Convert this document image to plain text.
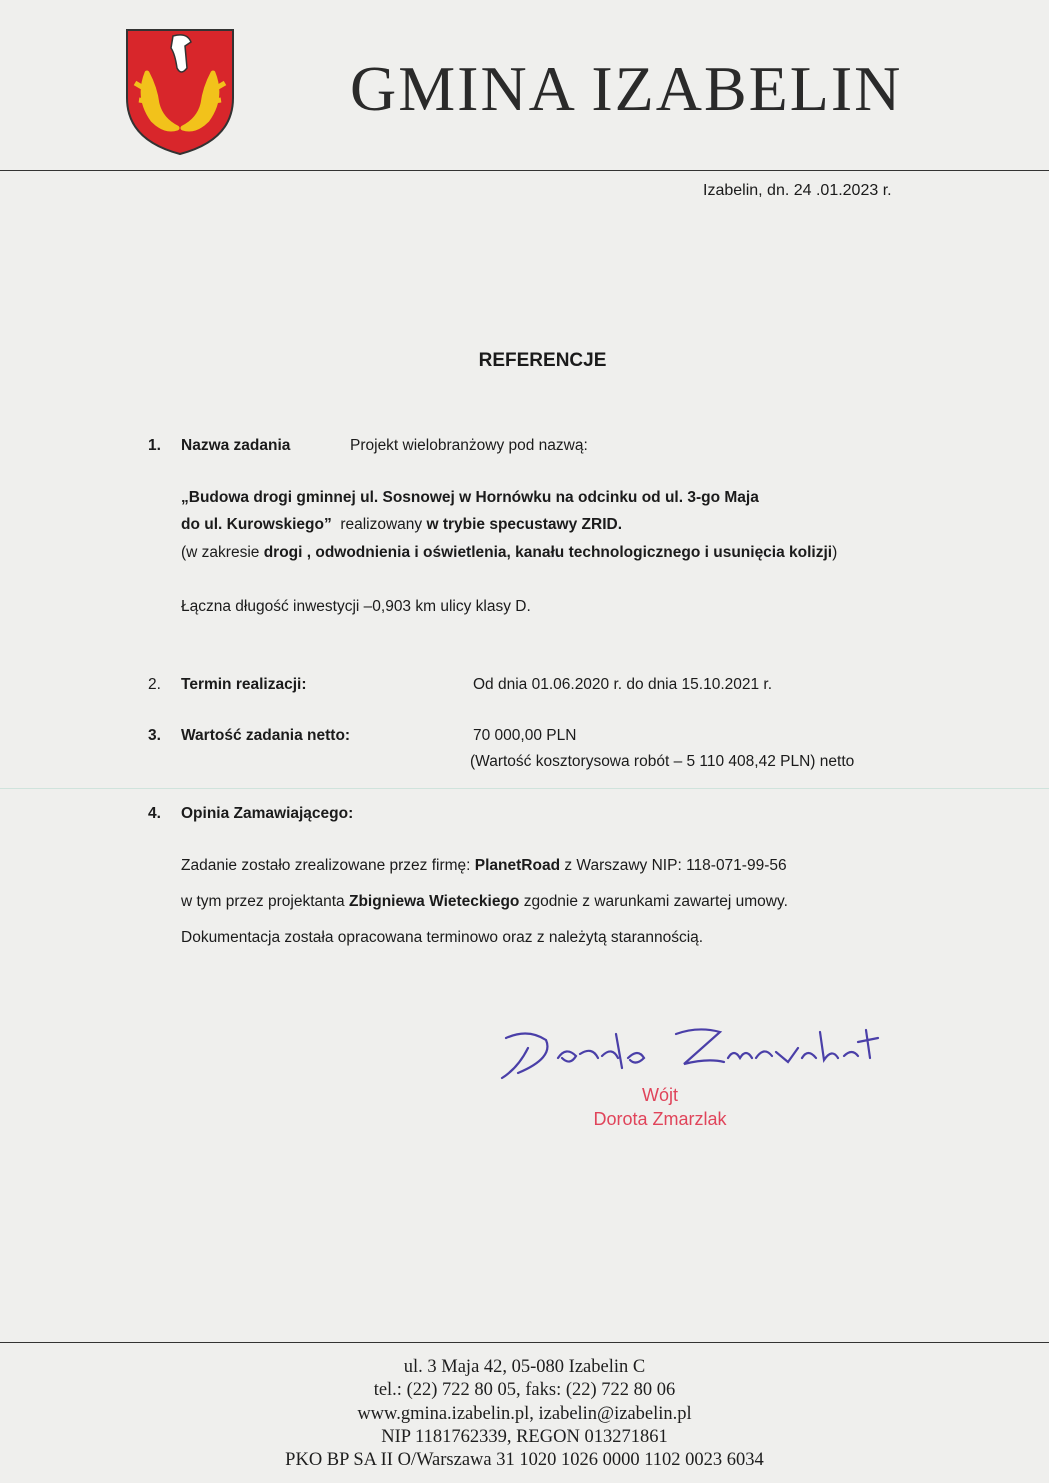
GMINA IZABELIN
Izabelin, dn. 24 .01.2023 r.
REFERENCJE
1. Nazwa zadania	Projekt wielobranżowy pod nazwą:
„Budowa drogi gminnej ul. Sosnowej w Hornówku na odcinku od ul. 3-go Maja
do ul. Kurowskiego”  realizowany w trybie specustawy ZRID.
(w zakresie drogi , odwodnienia i oświetlenia, kanału technologicznego i usunięcia kolizji)
Łączna długość inwestycji –0,903 km ulicy klasy D.
2. Termin realizacji:	Od dnia 01.06.2020 r. do dnia 15.10.2021 r.
3. Wartość zadania netto:	70 000,00 PLN
(Wartość kosztorysowa robót – 5 110 408,42 PLN) netto
4. Opinia Zamawiającego:
Zadanie zostało zrealizowane przez firmę: PlanetRoad z Warszawy NIP: 118-071-99-56
w tym przez projektanta Zbigniewa Wieteckiego zgodnie z warunkami zawartej umowy.
Dokumentacja została opracowana terminowo oraz z należytą starannością.
Wójt
Dorota Zmarzlak
ul. 3 Maja 42, 05-080 Izabelin C
tel.: (22) 722 80 05, faks: (22) 722 80 06
www.gmina.izabelin.pl, izabelin@izabelin.pl
NIP 1181762339, REGON 013271861
PKO BP SA II O/Warszawa 31 1020 1026 0000 1102 0023 6034
